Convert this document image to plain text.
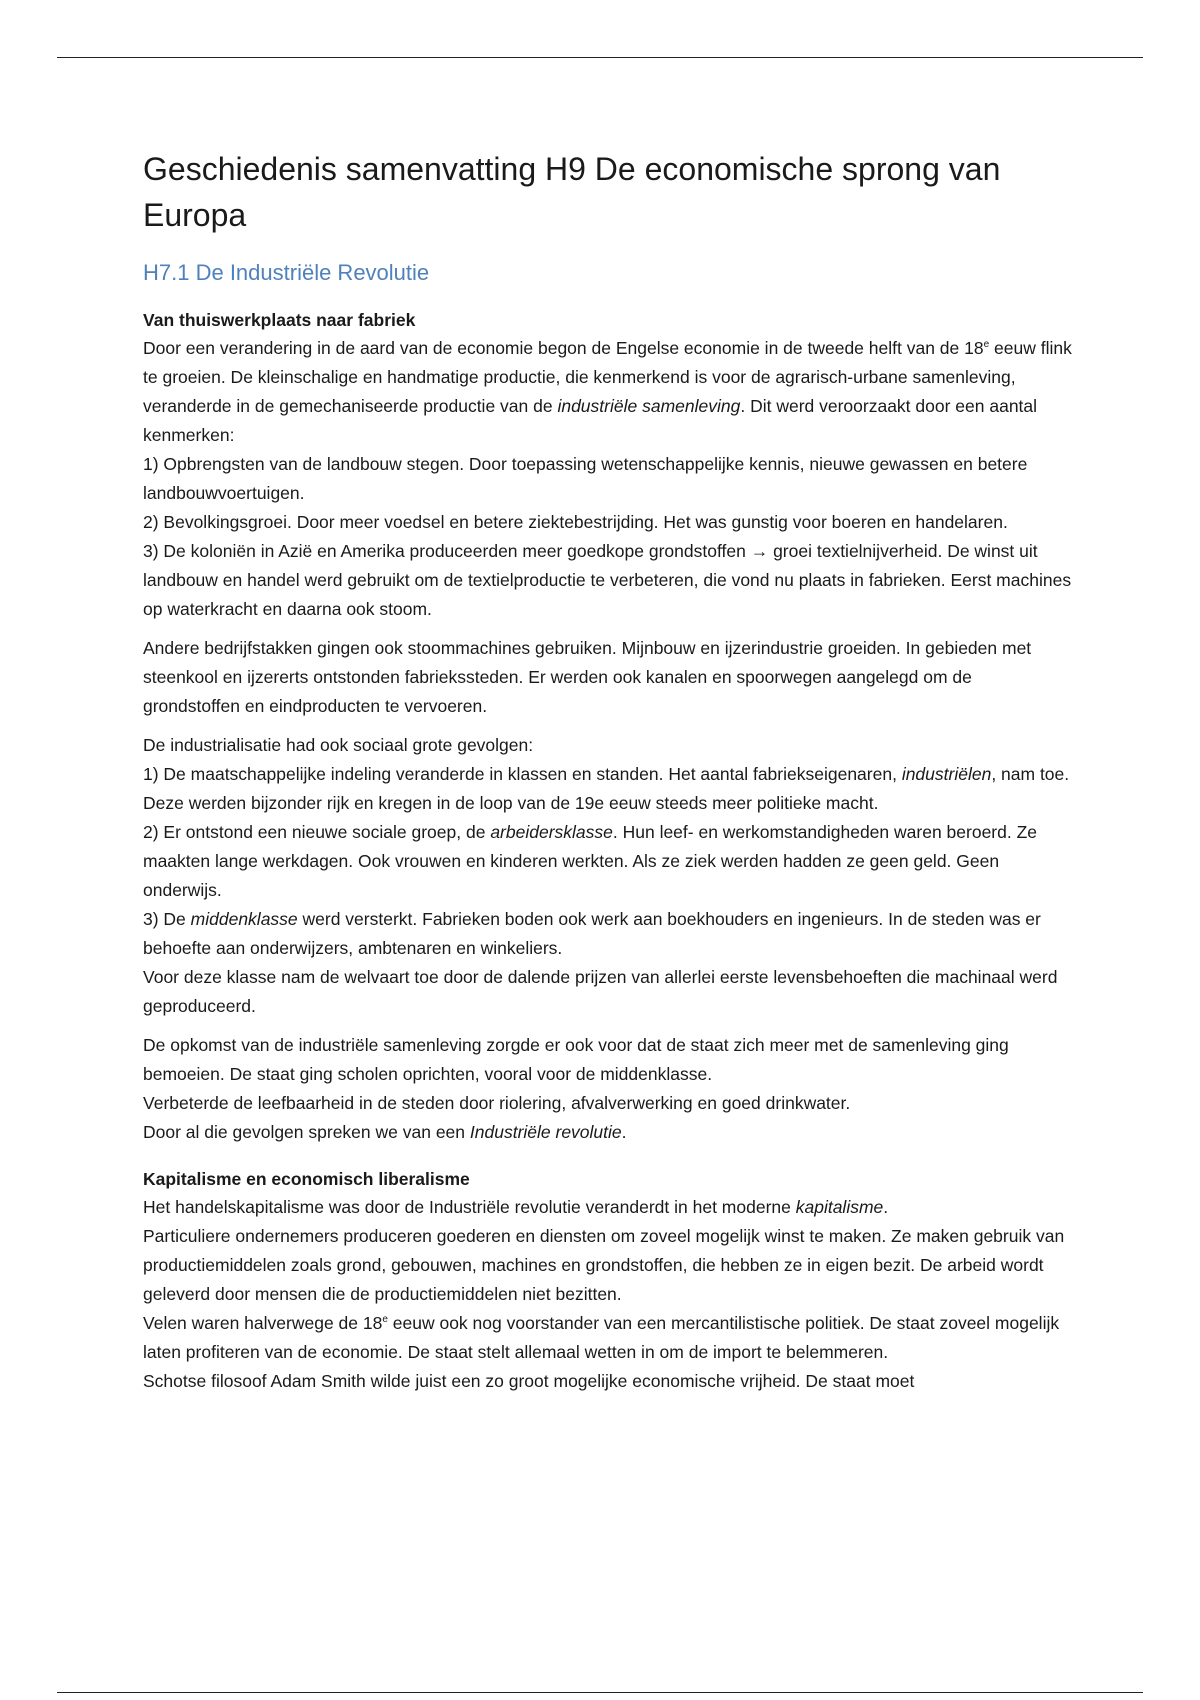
Geschiedenis samenvatting H9 De economische sprong van Europa
H7.1 De Industriële Revolutie
Van thuiswerkplaats naar fabriek

Door een verandering in de aard van de economie begon de Engelse economie in de tweede helft van de 18e eeuw flink te groeien. De kleinschalige en handmatige productie, die kenmerkend is voor de agrarisch-urbane samenleving, veranderde in de gemechaniseerde productie van de industriële samenleving. Dit werd veroorzaakt door een aantal kenmerken:

1) Opbrengsten van de landbouw stegen. Door toepassing wetenschappelijke kennis, nieuwe gewassen en betere landbouwvoertuigen.

2) Bevolkingsgroei. Door meer voedsel en betere ziektebestrijding. Het was gunstig voor boeren en handelaren.

3) De koloniën in Azië en Amerika produceerden meer goedkope grondstoffen → groei textielnijverheid. De winst uit landbouw en handel werd gebruikt om de textielproductie te verbeteren, die vond nu plaats in fabrieken. Eerst machines op waterkracht en daarna ook stoom.

Andere bedrijfstakken gingen ook stoommachines gebruiken. Mijnbouw en ijzerindustrie groeiden. In gebieden met steenkool en ijzererts ontstonden fabriekssteden. Er werden ook kanalen en spoorwegen aangelegd om de grondstoffen en eindproducten te vervoeren.

De industrialisatie had ook sociaal grote gevolgen:

1) De maatschappelijke indeling veranderde in klassen en standen. Het aantal fabriekseigenaren, industriëlen, nam toe. Deze werden bijzonder rijk en kregen in de loop van de 19e eeuw steeds meer politieke macht.

2) Er ontstond een nieuwe sociale groep, de arbeidersklasse. Hun leef- en werkomstandigheden waren beroerd. Ze maakten lange werkdagen. Ook vrouwen en kinderen werkten. Als ze ziek werden hadden ze geen geld. Geen onderwijs.

3) De middenklasse werd versterkt. Fabrieken boden ook werk aan boekhouders en ingenieurs. In de steden was er behoefte aan onderwijzers, ambtenaren en winkeliers.

Voor deze klasse nam de welvaart toe door de dalende prijzen van allerlei eerste levensbehoeften die machinaal werd geproduceerd.

De opkomst van de industriële samenleving zorgde er ook voor dat de staat zich meer met de samenleving ging bemoeien. De staat ging scholen oprichten, vooral voor de middenklasse.

Verbeterde de leefbaarheid in de steden door riolering, afvalverwerking en goed drinkwater.

Door al die gevolgen spreken we van een Industriële revolutie.

Kapitalisme en economisch liberalisme

Het handelskapitalisme was door de Industriële revolutie veranderdt in het moderne kapitalisme.

Particuliere ondernemers produceren goederen en diensten om zoveel mogelijk winst te maken. Ze maken gebruik van productiemiddelen zoals grond, gebouwen, machines en grondstoffen, die hebben ze in eigen bezit. De arbeid wordt geleverd door mensen die de productiemiddelen niet bezitten.

Velen waren halverwege de 18e eeuw ook nog voorstander van een mercantilistische politiek. De staat zoveel mogelijk laten profiteren van de economie. De staat stelt allemaal wetten in om de import te belemmeren.

Schotse filosoof Adam Smith wilde juist een zo groot mogelijke economische vrijheid. De staat moet
